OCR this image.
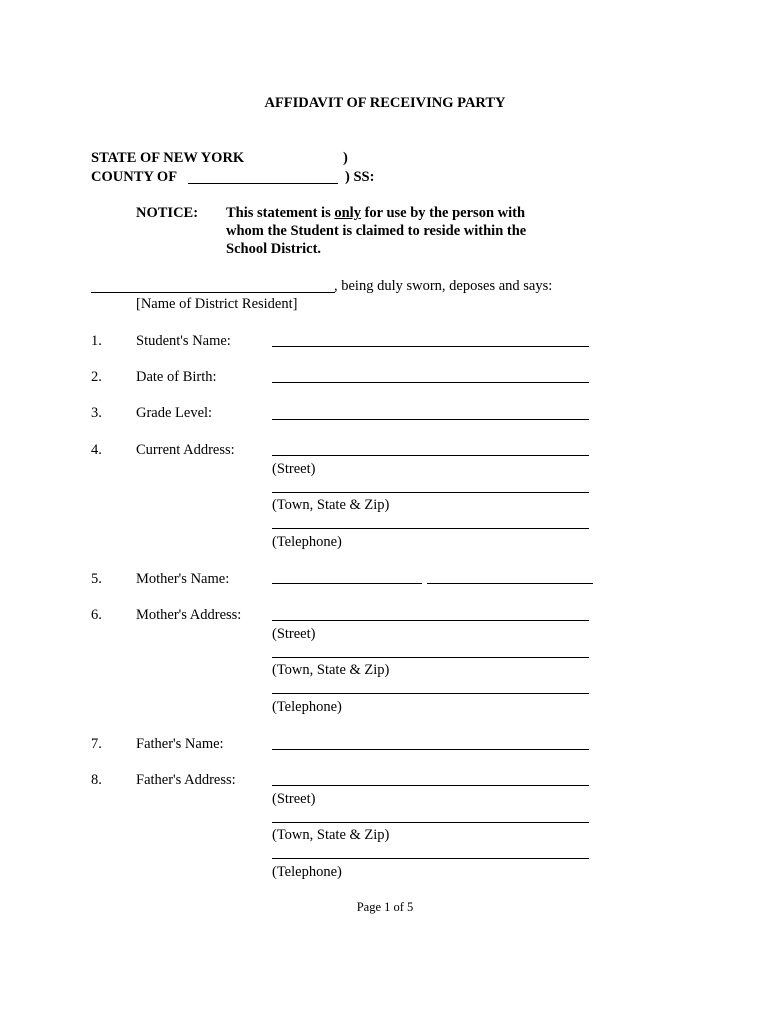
AFFIDAVIT OF RECEIVING PARTY
STATE OF NEW YORK	)
COUNTY OF	) SS:
NOTICE: This statement is only for use by the person with
whom the Student is claimed to reside within the
School District.
, being duly sworn, deposes and says:
[Name of District Resident]
1. Student's Name:
2. Date of Birth:
3. Grade Level:
4. Current Address:
(Street)
(Town, State & Zip)
(Telephone)
5. Mother's Name:
6. Mother's Address:
(Street)
(Town, State & Zip)
(Telephone)
7. Father's Name:
8. Father's Address:
(Street)
(Town, State & Zip)
(Telephone)
Page 1 of 5
